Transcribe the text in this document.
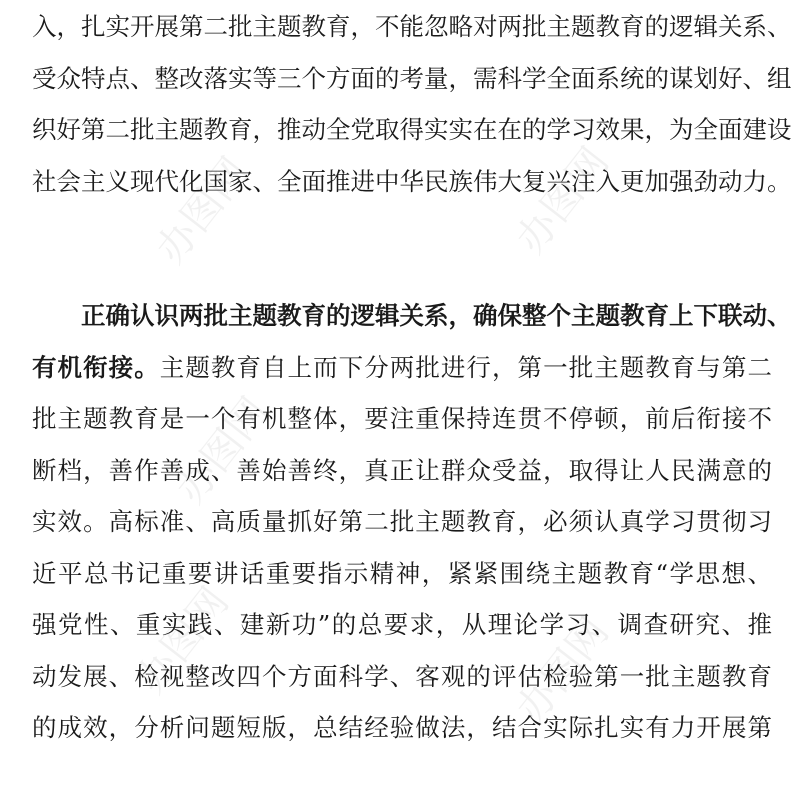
办图网	办图网
办图网
办图网	办图网
入，扎实开展第二批主题教育，不能忽略对两批主题教育的逻辑关系、
受众特点、整改落实等三个方面的考量，需科学全面系统的谋划好、组
织好第二批主题教育，推动全党取得实实在在的学习效果，为全面建设
社会主义现代化国家、全面推进中华民族伟大复兴注入更加强劲动力。
正确认识两批主题教育的逻辑关系，确保整个主题教育上下联动、
有机衔接。主题教育自上而下分两批进行，第一批主题教育与第二
批主题教育是一个有机整体，要注重保持连贯不停顿，前后衔接不
断档，善作善成、善始善终，真正让群众受益，取得让人民满意的
实效。高标准、高质量抓好第二批主题教育，必须认真学习贯彻习
近平总书记重要讲话重要指示精神，紧紧围绕主题教育“学思想、
强党性、重实践、建新功”的总要求，从理论学习、调查研究、推
动发展、检视整改四个方面科学、客观的评估检验第一批主题教育
的成效，分析问题短版，总结经验做法，结合实际扎实有力开展第
